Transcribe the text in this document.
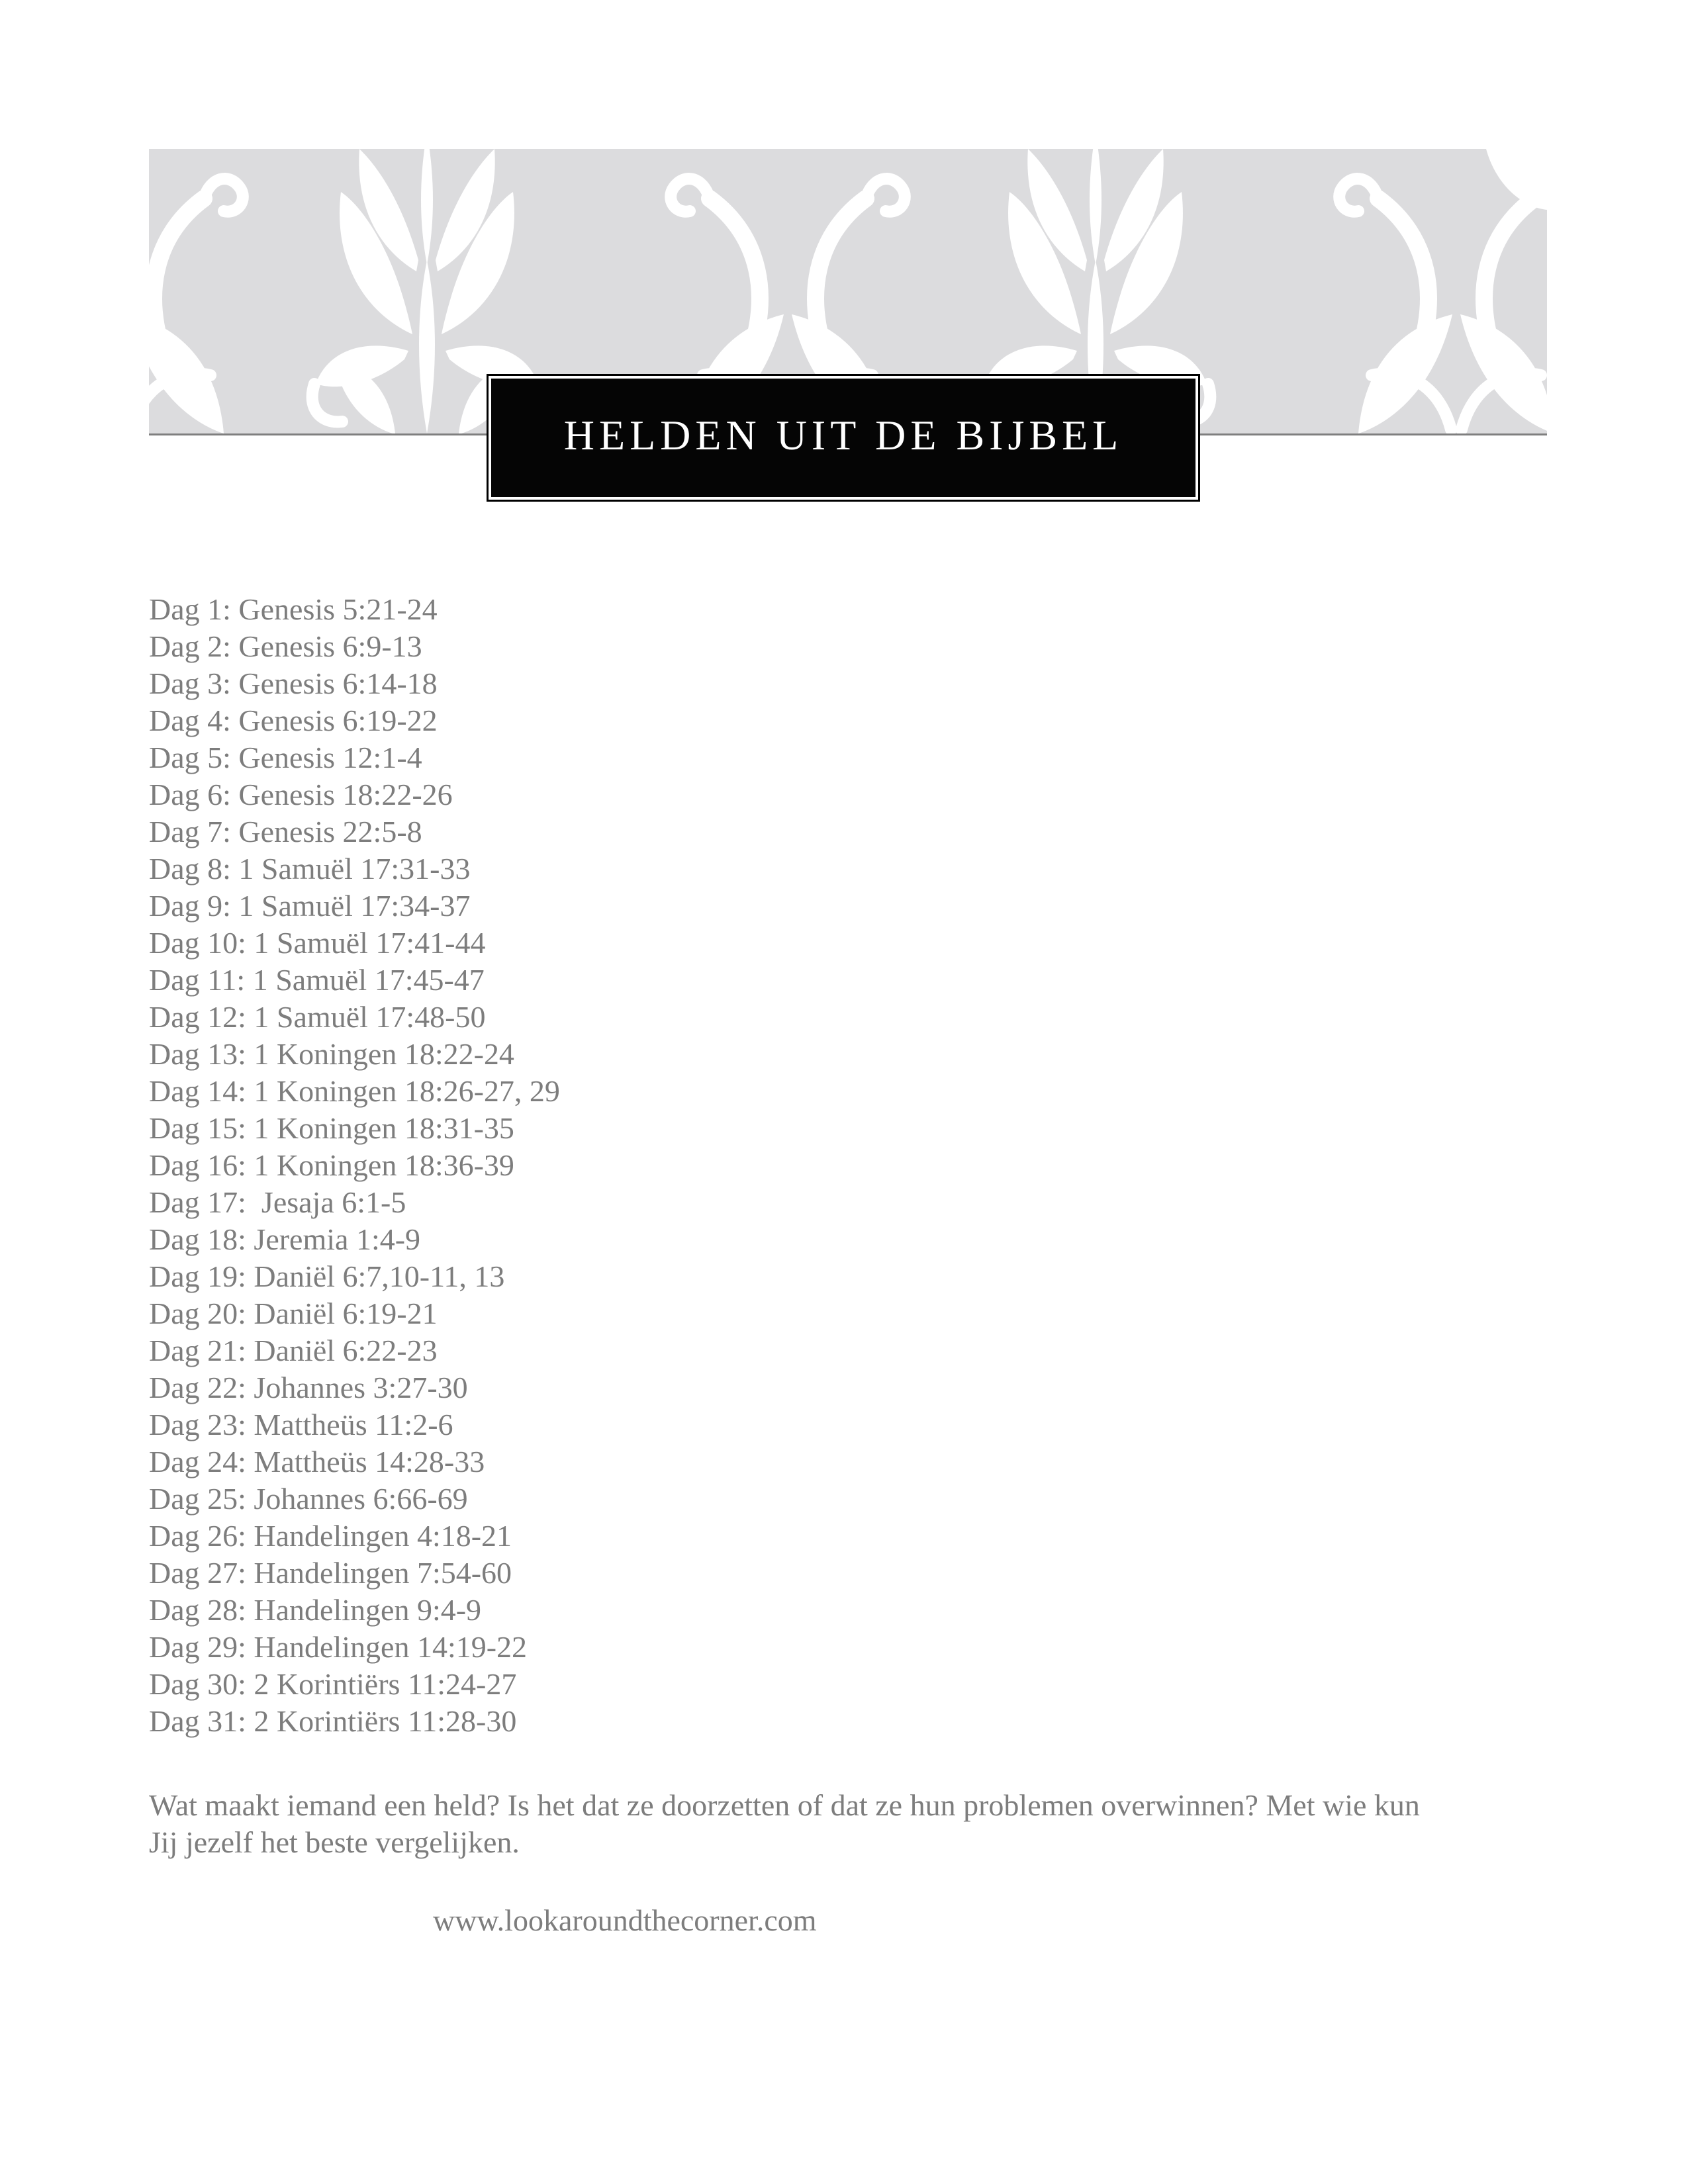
HELDEN UIT DE BIJBEL
Dag 1: Genesis 5:21-24
Dag 2: Genesis 6:9-13
Dag 3: Genesis 6:14-18
Dag 4: Genesis 6:19-22
Dag 5: Genesis 12:1-4
Dag 6: Genesis 18:22-26
Dag 7: Genesis 22:5-8
Dag 8: 1 Samuël 17:31-33
Dag 9: 1 Samuël 17:34-37
Dag 10: 1 Samuël 17:41-44
Dag 11: 1 Samuël 17:45-47
Dag 12: 1 Samuël 17:48-50
Dag 13: 1 Koningen 18:22-24
Dag 14: 1 Koningen 18:26-27, 29
Dag 15: 1 Koningen 18:31-35
Dag 16: 1 Koningen 18:36-39
Dag 17:  Jesaja 6:1-5
Dag 18: Jeremia 1:4-9
Dag 19: Daniël 6:7,10-11, 13
Dag 20: Daniël 6:19-21
Dag 21: Daniël 6:22-23
Dag 22: Johannes 3:27-30
Dag 23: Mattheüs 11:2-6
Dag 24: Mattheüs 14:28-33
Dag 25: Johannes 6:66-69
Dag 26: Handelingen 4:18-21
Dag 27: Handelingen 7:54-60
Dag 28: Handelingen 9:4-9
Dag 29: Handelingen 14:19-22
Dag 30: 2 Korintiërs 11:24-27
Dag 31: 2 Korintiërs 11:28-30
Wat maakt iemand een held? Is het dat ze doorzetten of dat ze hun problemen overwinnen? Met wie kun
Jij jezelf het beste vergelijken.
www.lookaroundthecorner.com
